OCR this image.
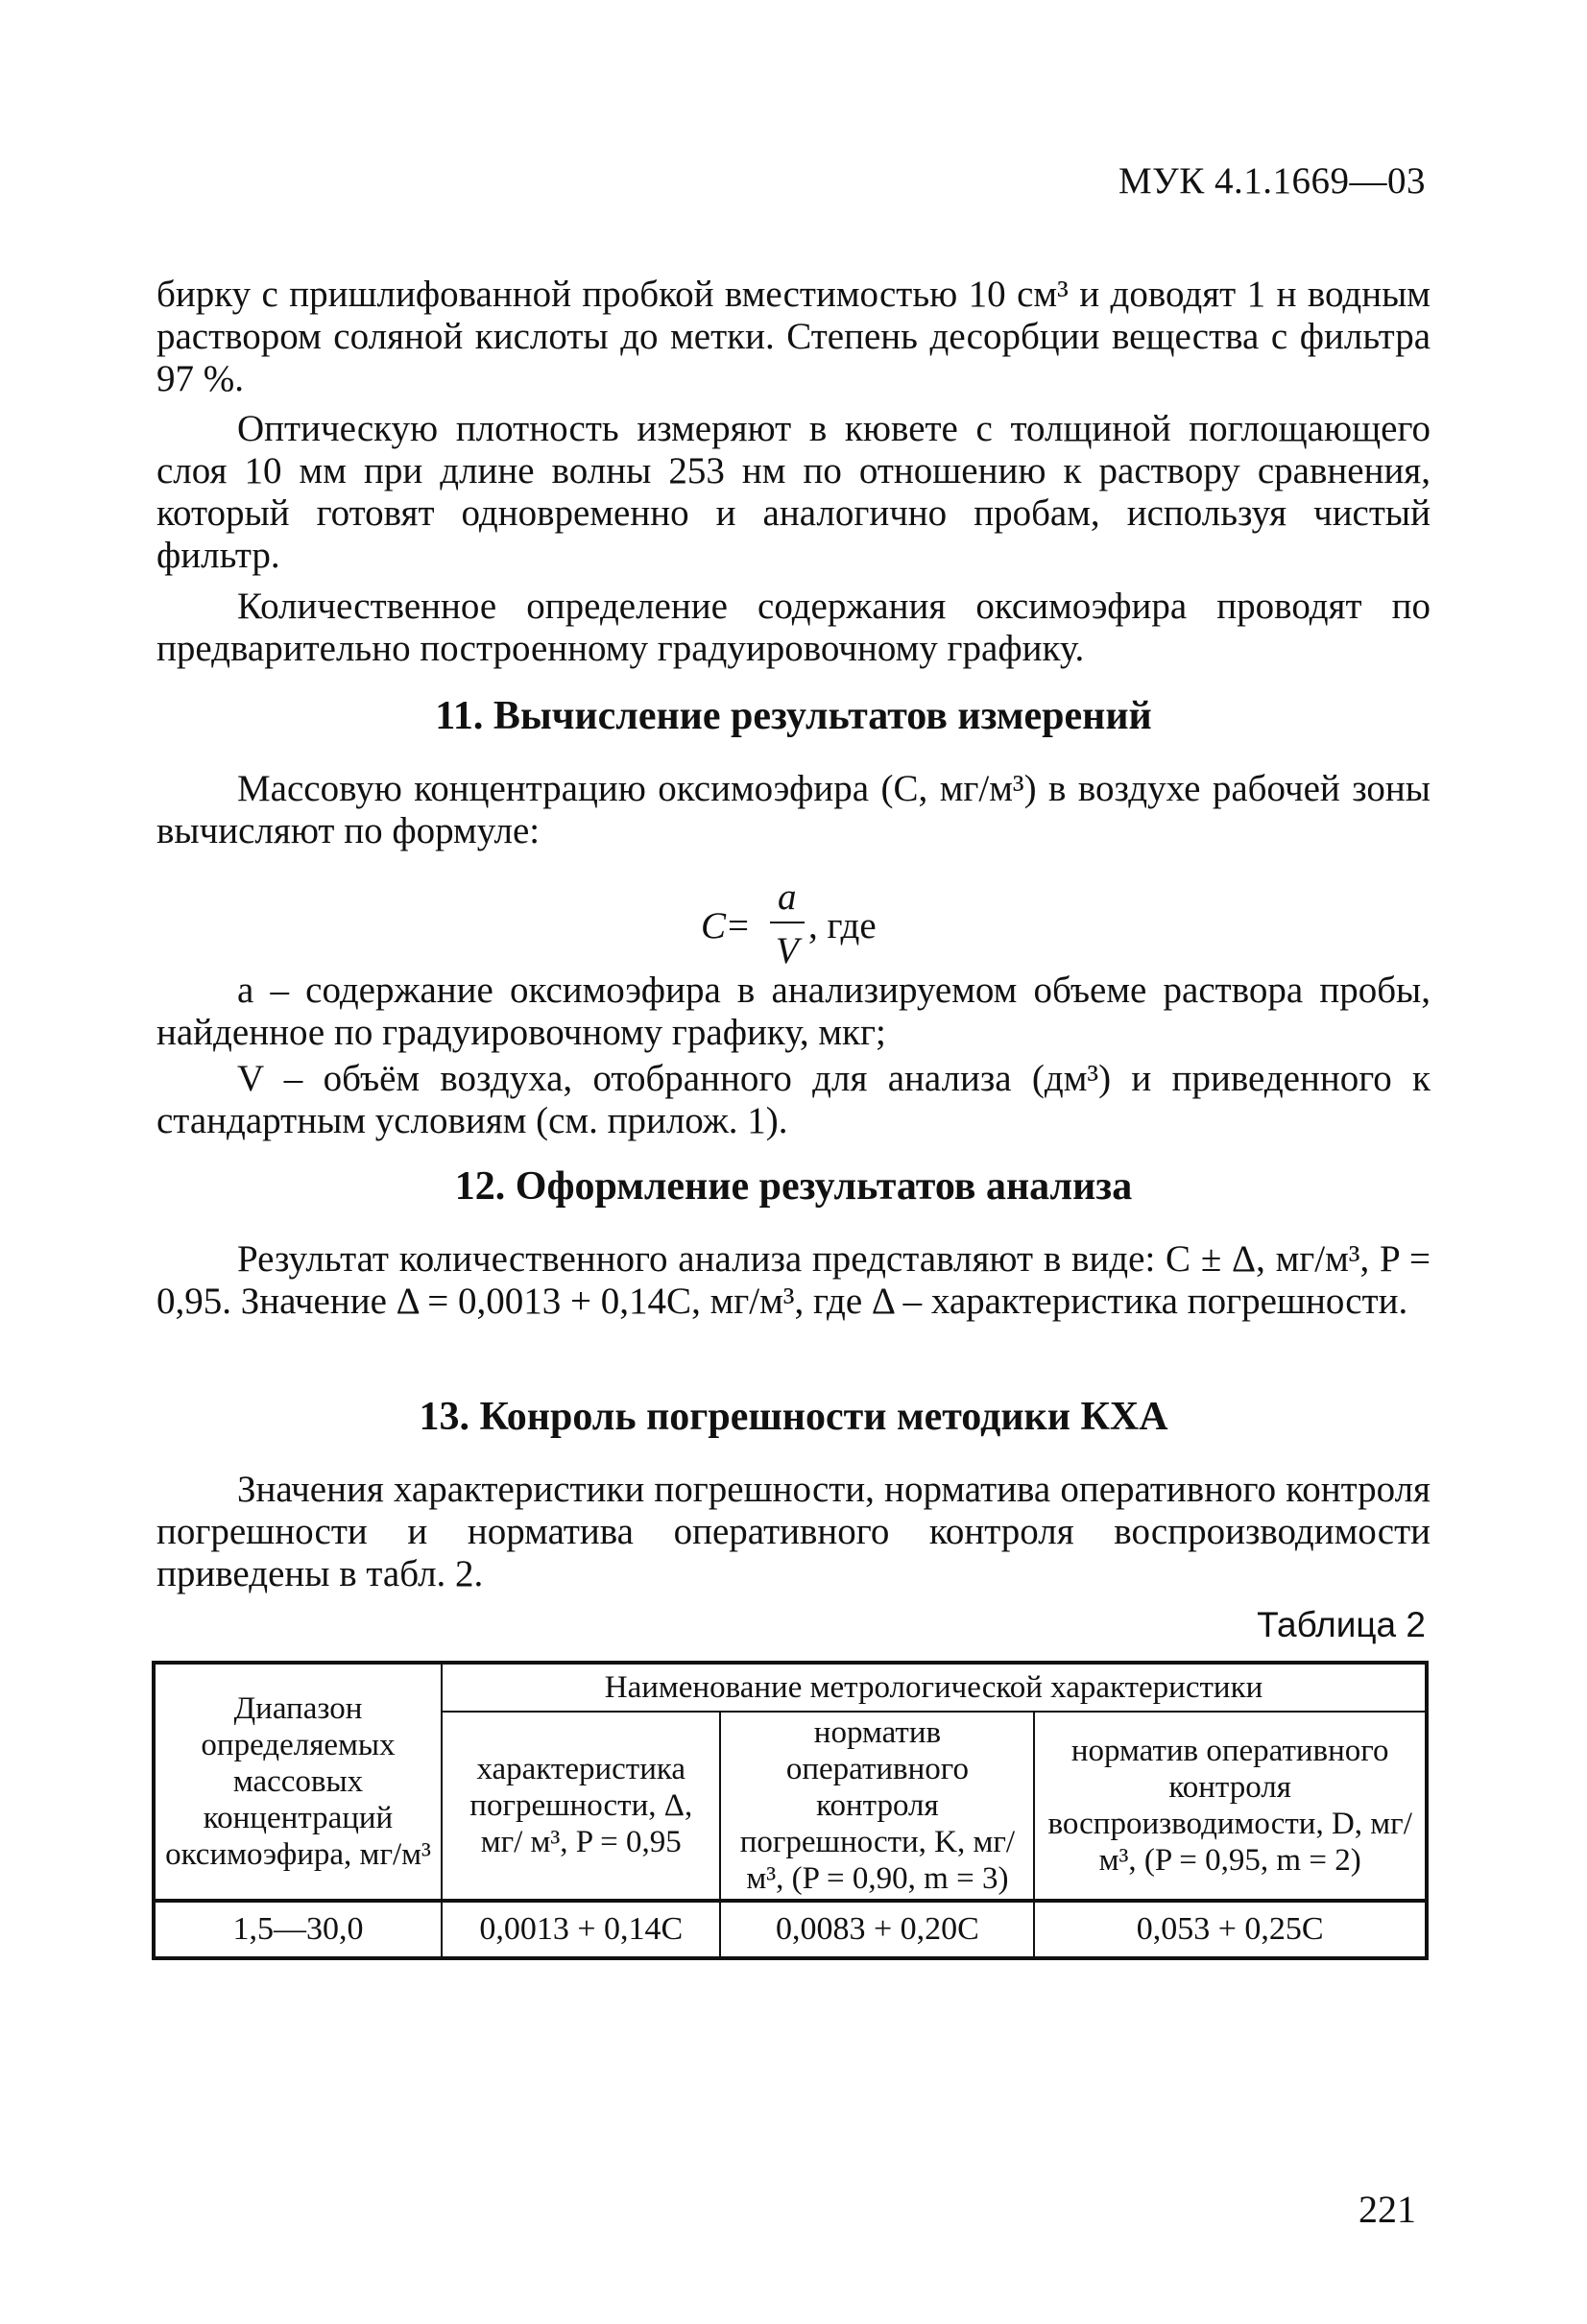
МУК 4.1.1669—03

бирку с пришлифованной пробкой вместимостью 10 см³ и доводят 1 н водным раствором соляной кислоты до метки. Степень десорбции вещества с фильтра 97 %.

Оптическую плотность измеряют в кювете с толщиной поглощающего слоя 10 мм при длине волны 253 нм по отношению к раствору сравнения, который готовят одновременно и аналогично пробам, используя чистый фильтр.

Количественное определение содержания оксимоэфира проводят по предварительно построенному градуировочному графику.

11. Вычисление результатов измерений

Массовую концентрацию оксимоэфира (C, мг/м³) в воздухе рабочей зоны вычисляют по формуле:

C =
a
V
, где

a – содержание оксимоэфира в анализируемом объеме раствора пробы, найденное по градуировочному графику, мкг;

V – объём воздуха, отобранного для анализа (дм³) и приведенного к стандартным условиям (см. прилож. 1).

12. Оформление результатов анализа

Результат количественного анализа представляют в виде: C ± Δ, мг/м³, P = 0,95. Значение Δ = 0,0013 + 0,14C, мг/м³, где Δ – характеристика погрешности.

13. Конроль погрешности методики КХА

Значения характеристики погрешности, норматива оперативного контроля погрешности и норматива оперативного контроля воспроизводимости приведены в табл. 2.

Таблица 2
Диапазон определяемых массовых концентраций оксимоэфира, мг/м³	Наименование метрологической характеристики		
	характеристика погрешности, Δ, мг/ м³, P = 0,95	норматив оперативного контроля погрешности, K, мг/м³, (P = 0,90, m = 3)	норматив оперативного контроля воспроизводимости, D, мг/м³, (P = 0,95, m = 2)
1,5—30,0	0,0013 + 0,14C	0,0083 + 0,20C	0,053 + 0,25C
221
